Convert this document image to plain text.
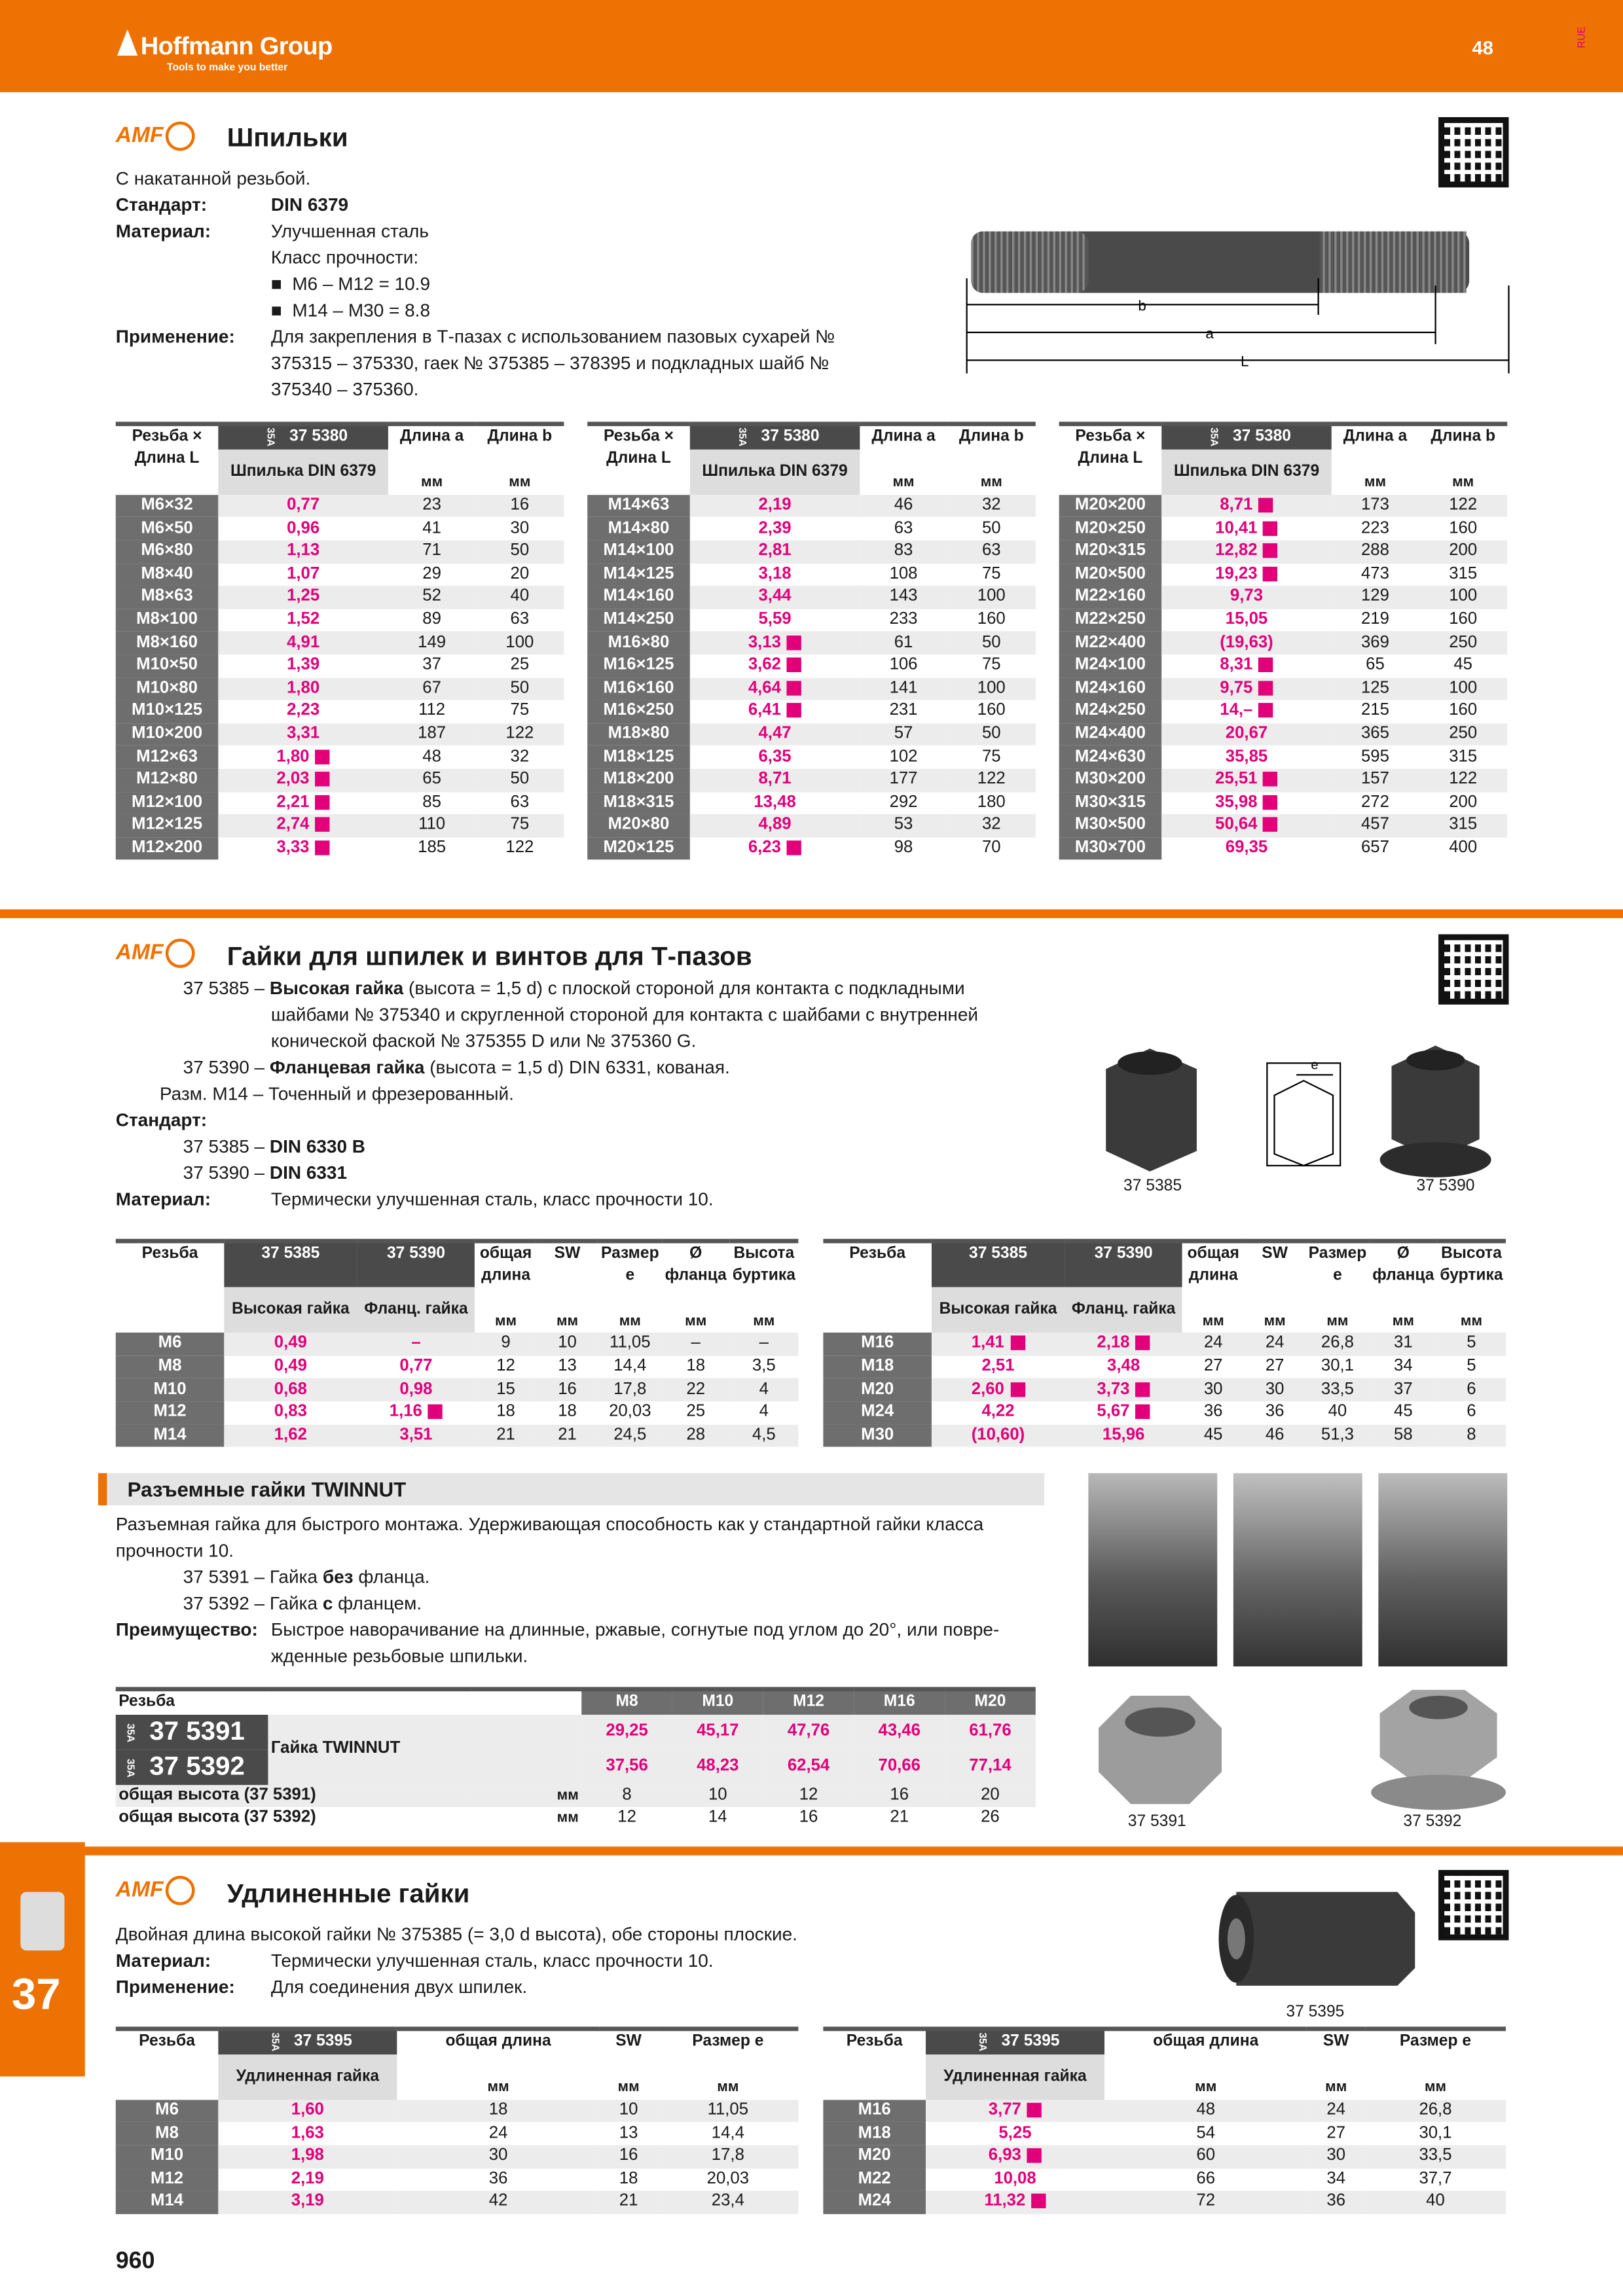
Hoffmann Group
Tools to make you better
48	RUE
37
AMF	Шпильки
С накатанной резьбой.
Стандарт:	DIN 6379
Материал:	Улучшенная сталь
Класс прочности:
■  М6 – М12 = 10.9
■  М14 – М30 = 8.8
Применение:	Для закрепления в Т-пазах с использованием пазовых сухарей №
375315 – 375330, гаек № 375385 – 378395 и подкладных шайб №
375340 – 375360.
b
a
L
Резьба × Длина L	35A 37 5380	Длина a	Длина b
	Шпилька DIN 6379		
		мм	мм
М6×32	0,77	23	16
М6×50	0,96	41	30
М6×80	1,13	71	50
М8×40	1,07	29	20
М8×63	1,25	52	40
М8×100	1,52	89	63
М8×160	4,91	149	100
М10×50	1,39	37	25
М10×80	1,80	67	50
М10×125	2,23	112	75
М10×200	3,31	187	122
М12×63	1,80	48	32
М12×80	2,03	65	50
М12×100	2,21	85	63
М12×125	2,74	110	75
М12×200	3,33	185	122
Резьба × Длина L	35A 37 5380	Длина a	Длина b
	Шпилька DIN 6379		
		мм	мм
М14×63	2,19	46	32
М14×80	2,39	63	50
М14×100	2,81	83	63
М14×125	3,18	108	75
М14×160	3,44	143	100
М14×250	5,59	233	160
М16×80	3,13	61	50
М16×125	3,62	106	75
М16×160	4,64	141	100
М16×250	6,41	231	160
М18×80	4,47	57	50
М18×125	6,35	102	75
М18×200	8,71	177	122
М18×315	13,48	292	180
М20×80	4,89	53	32
М20×125	6,23	98	70
Резьба × Длина L	35A 37 5380	Длина a	Длина b
	Шпилька DIN 6379		
		мм	мм
М20×200	8,71	173	122
М20×250	10,41	223	160
М20×315	12,82	288	200
М20×500	19,23	473	315
М22×160	9,73	129	100
М22×250	15,05	219	160
М22×400	(19,63)	369	250
М24×100	8,31	65	45
М24×160	9,75	125	100
М24×250	14,–	215	160
М24×400	20,67	365	250
М24×630	35,85	595	315
М30×200	25,51	157	122
М30×315	35,98	272	200
М30×500	50,64	457	315
М30×700	69,35	657	400
AMF	Гайки для шпилек и винтов для Т-пазов
37 5385 – Высокая гайка (высота = 1,5 d) с плоской стороной для контакта с подкладными
шайбами № 375340 и скругленной стороной для контакта с шайбами с внутренней
конической фаской № 375355 D или № 375360 G.
37 5390 – Фланцевая гайка (высота = 1,5 d) DIN 6331, кованая.
Разм. М14 – Точенный и фрезерованный.
Стандарт:
37 5385 – DIN 6330 B
37 5390 – DIN 6331
Материал:	Термически улучшенная сталь, класс прочности 10.
e
37 5385	37 5390
Резьба	37 5385	37 5390	общая длина	SW	Размер e	Ø фланца	Высота буртика
	Высокая гайка	Фланц. гайка					
			мм	мм	мм	мм	мм
М6	0,49	–	9	10	11,05	–	–
М8	0,49	0,77	12	13	14,4	18	3,5
М10	0,68	0,98	15	16	17,8	22	4
М12	0,83	1,16	18	18	20,03	25	4
М14	1,62	3,51	21	21	24,5	28	4,5
Резьба	37 5385	37 5390	общая длина	SW	Размер e	Ø фланца	Высота буртика
	Высокая гайка	Фланц. гайка					
			мм	мм	мм	мм	мм
М16	1,41	2,18	24	24	26,8	31	5
М18	2,51	3,48	27	27	30,1	34	5
М20	2,60	3,73	30	30	33,5	37	6
М24	4,22	5,67	36	36	40	45	6
М30	(10,60)	15,96	45	46	51,3	58	8
Разъемные гайки TWINNUT
Разъемная гайка для быстрого монтажа. Удерживающая способность как у стандартной гайки класса
прочности 10.
37 5391 – Гайка без фланца.
37 5392 – Гайка с фланцем.
Преимущество: Быстрое наворачивание на длинные, ржавые, согнутые под углом до 20°, или повре-
жденные резьбовые шпильки.
37 5391	37 5392
Резьба			М8	М10	М12	М16	М20
35A 37 5391	Гайка TWINNUT		29,25	45,17	47,76	43,46	61,76
35A 37 5392			37,56	48,23	62,54	70,66	77,14
общая высота (37 5391)		мм	8	10	12	16	20
общая высота (37 5392)		мм	12	14	16	21	26
AMF	Удлиненные гайки
Двойная длина высокой гайки № 375385 (= 3,0 d высота), обе стороны плоские.
Материал:	Термически улучшенная сталь, класс прочности 10.
Применение:	Для соединения двух шпилек.
37 5395
Резьба	35A 37 5395	общая длина	SW	Размер e
	Удлиненная гайка			
		мм	мм	мм
М6	1,60	18	10	11,05
М8	1,63	24	13	14,4
М10	1,98	30	16	17,8
М12	2,19	36	18	20,03
М14	3,19	42	21	23,4
Резьба	35A 37 5395	общая длина	SW	Размер e
	Удлиненная гайка			
		мм	мм	мм
М16	3,77	48	24	26,8
М18	5,25	54	27	30,1
М20	6,93	60	30	33,5
М22	10,08	66	34	37,7
М24	11,32	72	36	40
960
